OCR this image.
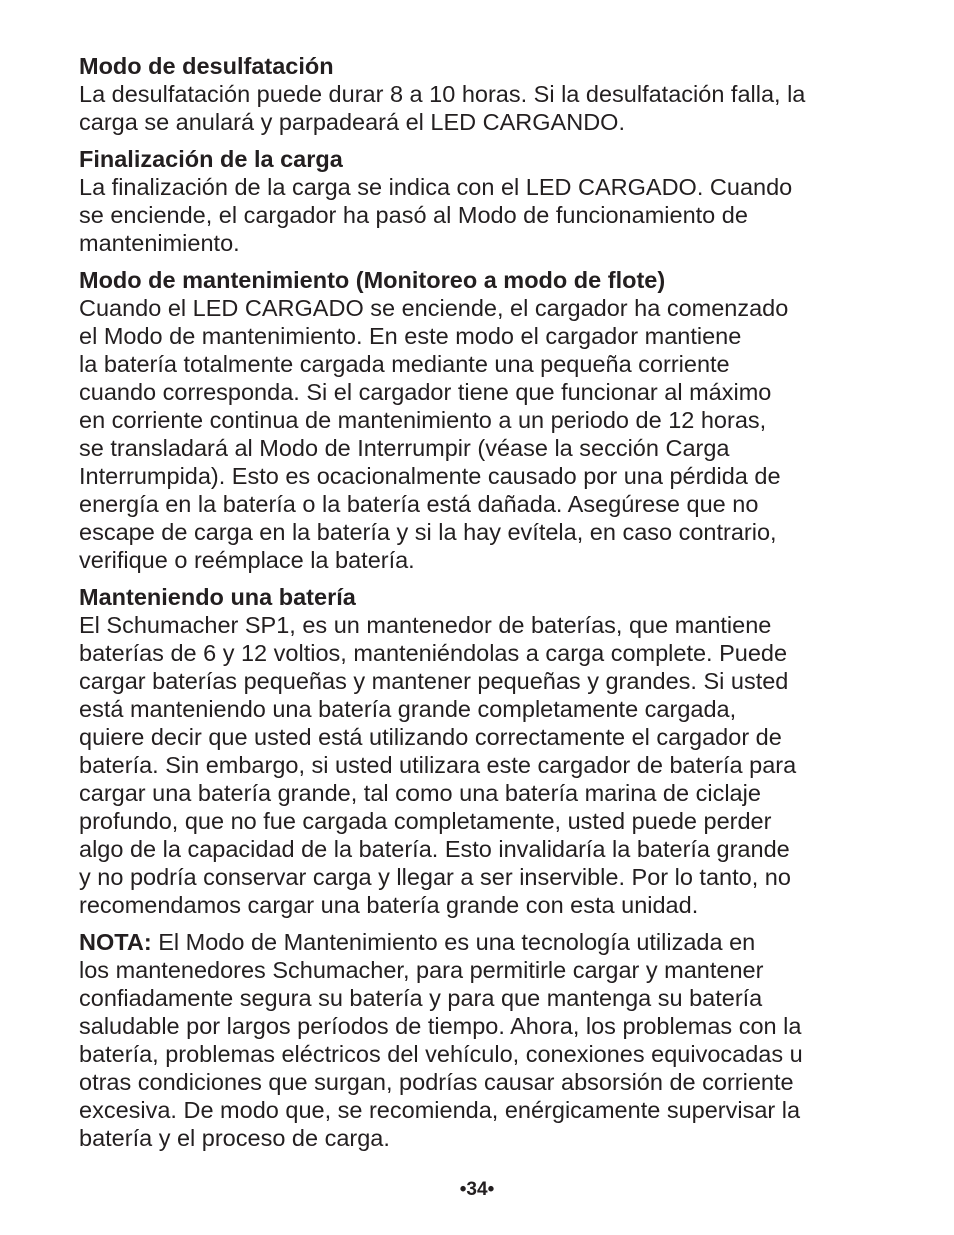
Modo de desulfatación

La desulfatación puede durar 8 a 10 horas. Si la desulfatación falla, la
carga se anulará y parpadeará el LED CARGANDO.

Finalización de la carga

La finalización de la carga se indica con el LED CARGADO. Cuando
se enciende, el cargador ha pasó al Modo de funcionamiento de
mantenimiento.

Modo de mantenimiento (Monitoreo a modo de flote)

Cuando el LED CARGADO se enciende, el cargador ha comenzado
el Modo de mantenimiento. En este modo el cargador mantiene
la batería totalmente cargada mediante una pequeña corriente
cuando corresponda. Si el cargador tiene que funcionar al máximo
en corriente continua de mantenimiento a un periodo de 12 horas,
se transladará al Modo de Interrumpir (véase la sección Carga
Interrumpida). Esto es ocacionalmente causado por una pérdida de
energía en la batería o la batería está dañada. Asegúrese que no
escape de carga en la batería y si la hay evítela, en caso contrario,
verifique o reémplace la batería.

Manteniendo una batería

El Schumacher SP1, es un mantenedor de baterías, que mantiene
baterías de 6 y 12 voltios, manteniéndolas a carga complete. Puede
cargar baterías pequeñas y mantener pequeñas y grandes. Si usted
está manteniendo una batería grande completamente cargada,
quiere decir que usted está utilizando correctamente el cargador de
batería. Sin embargo, si usted utilizara este cargador de batería para
cargar una batería grande, tal como una batería marina de ciclaje
profundo, que no fue cargada completamente, usted puede perder
algo de la capacidad de la batería. Esto invalidaría la batería grande
y no podría conservar carga y llegar a ser inservible. Por lo tanto, no
recomendamos cargar una batería grande con esta unidad.

NOTA: El Modo de Mantenimiento es una tecnología utilizada en
los mantenedores Schumacher, para permitirle cargar y mantener
confiadamente segura su batería y para que mantenga su batería
saludable por largos períodos de tiempo. Ahora, los problemas con la
batería, problemas eléctricos del vehículo, conexiones equivocadas u
otras condiciones que surgan, podrías causar absorsión de corriente
excesiva. De modo que, se recomienda, enérgicamente supervisar la
batería y el proceso de carga.

•34•
